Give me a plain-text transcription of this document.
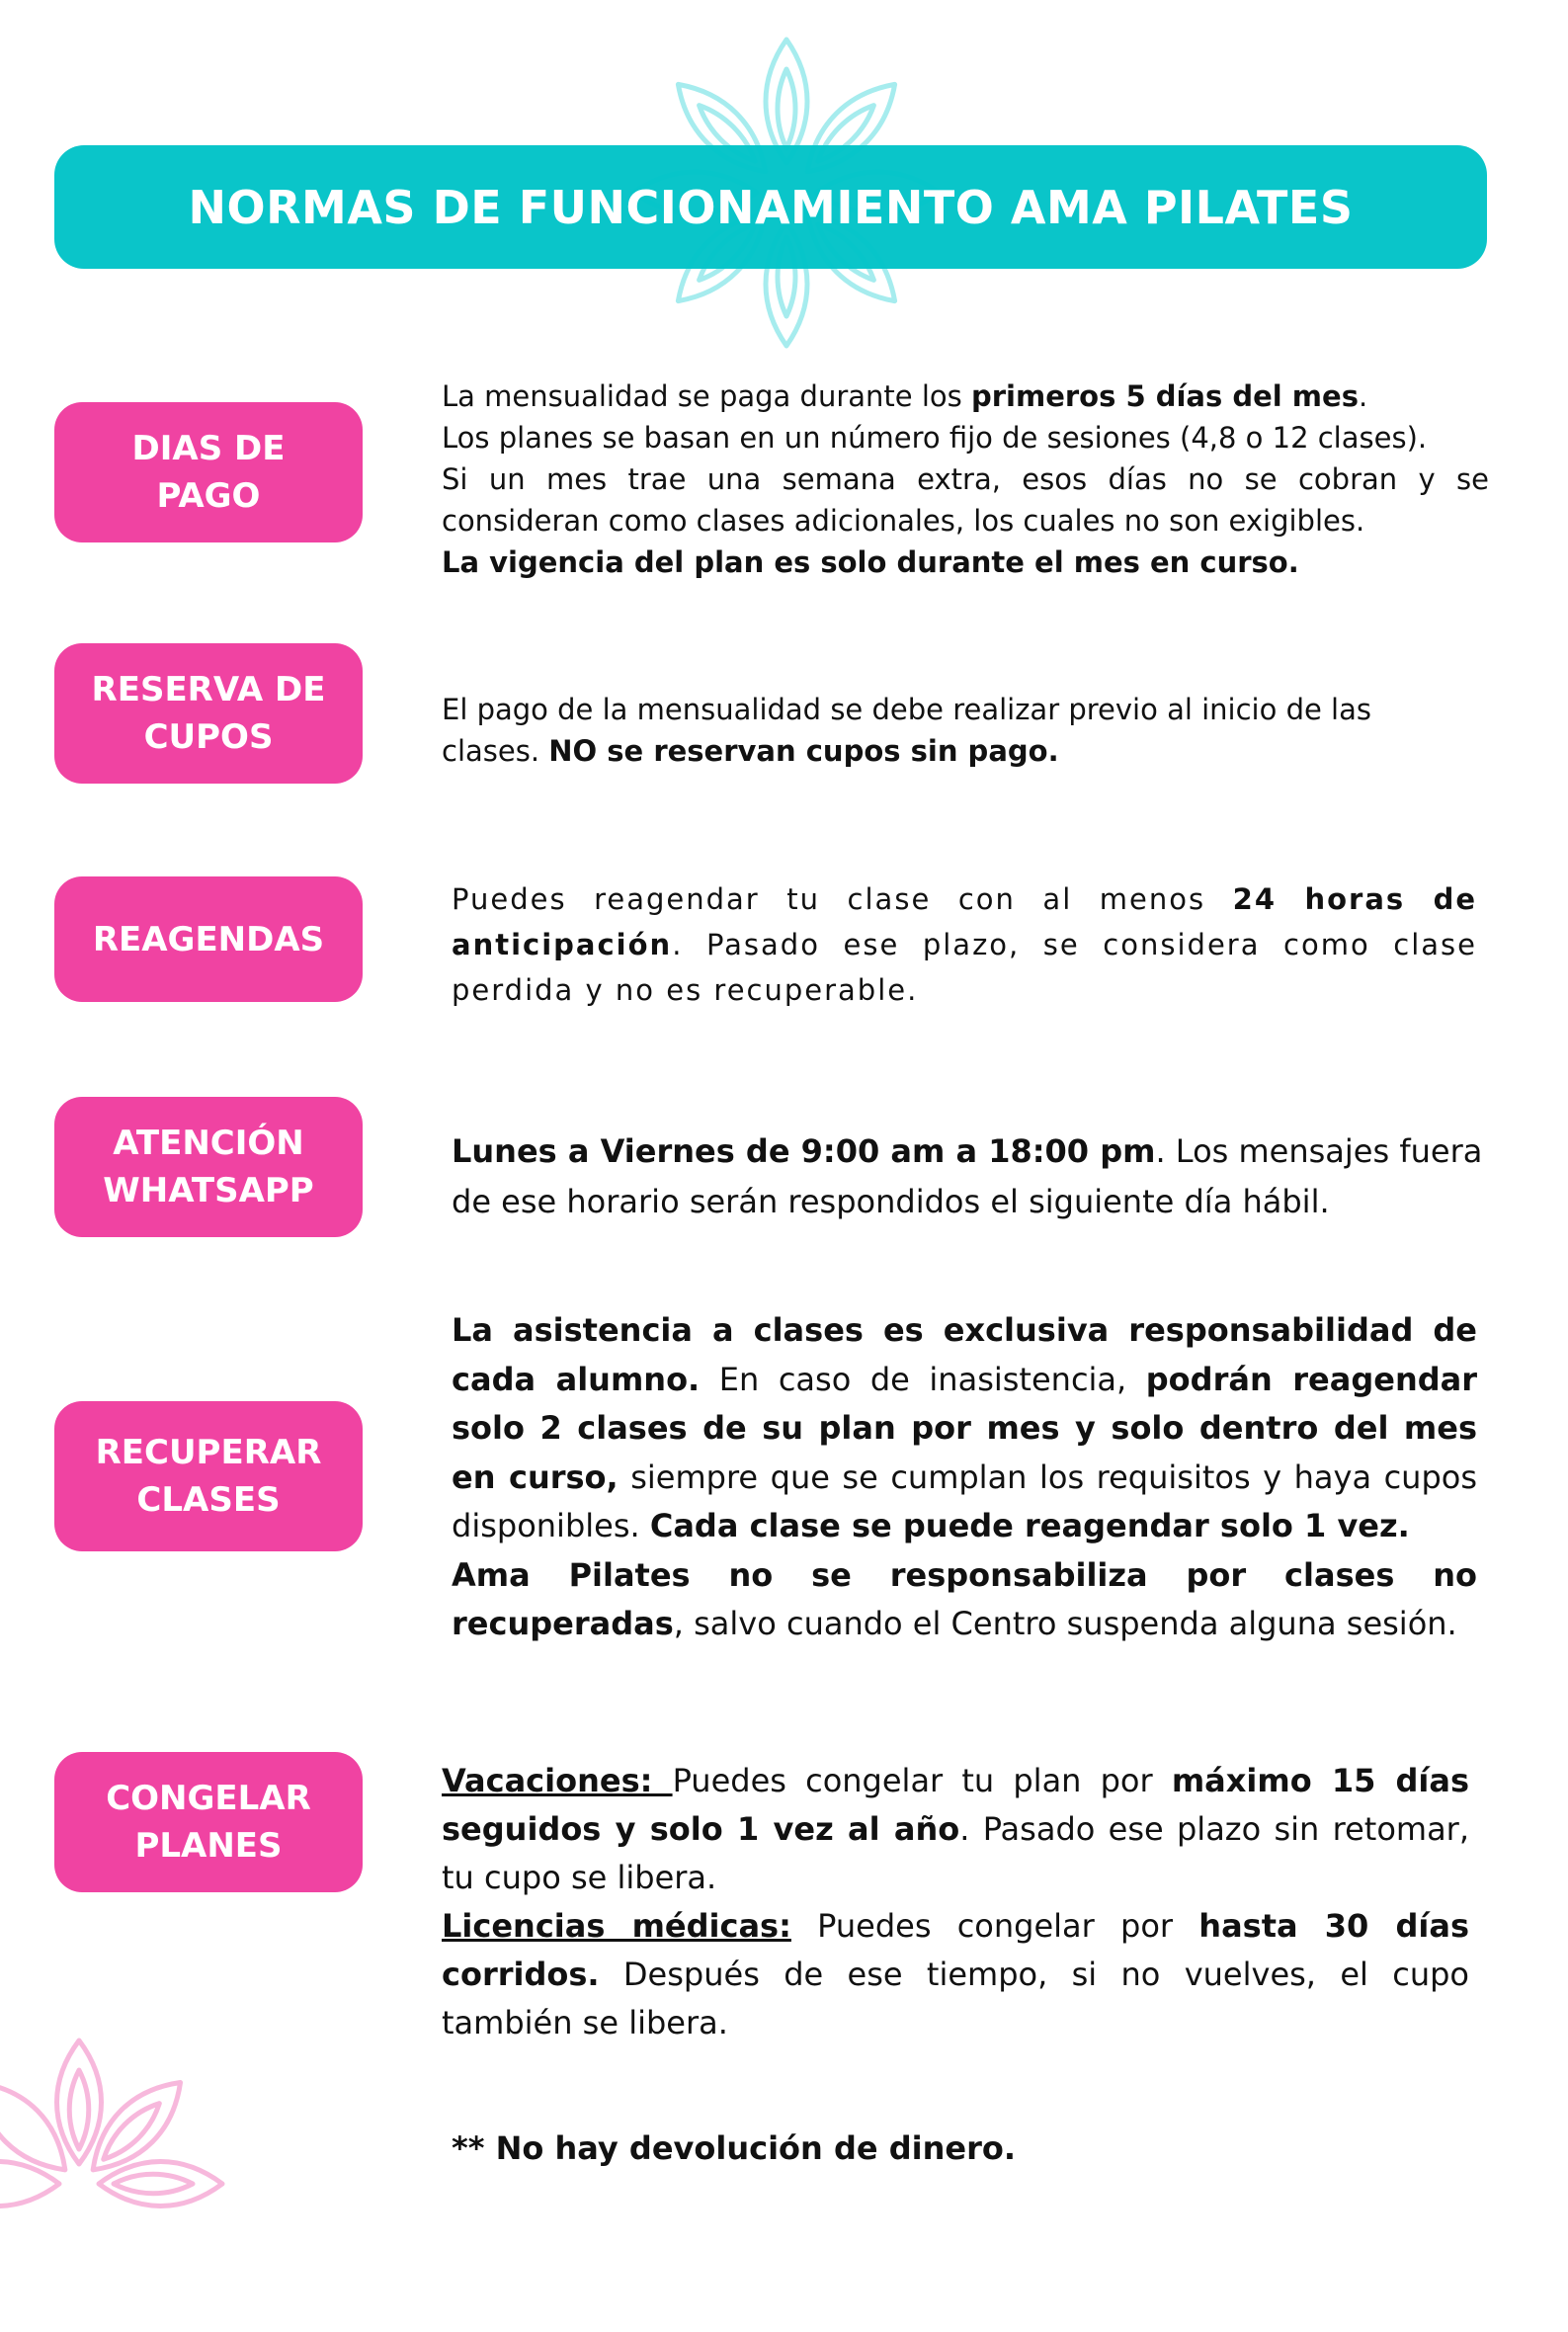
NORMAS DE FUNCIONAMIENTO AMA PILATES
DIAS DE
PAGO

La mensualidad se paga durante los primeros 5 días del mes.

Los planes se basan en un número fijo de sesiones (4,8 o 12 clases).

Si un mes trae una semana extra, esos días no se cobran y se consideran como clases adicionales, los cuales no son exigibles.

La vigencia del plan es solo durante el mes en curso.

RESERVA DE
CUPOS

El pago de la mensualidad se debe realizar previo al inicio de las clases. NO se reservan cupos sin pago.

REAGENDAS

Puedes reagendar tu clase con al menos 24 horas de anticipación. Pasado ese plazo, se considera como clase perdida y no es recuperable.

ATENCIÓN
WHATSAPP

Lunes a Viernes de 9:00 am a 18:00 pm. Los mensajes fuera de ese horario serán respondidos el siguiente día hábil.

RECUPERAR
CLASES

La asistencia a clases es exclusiva responsabilidad de cada alumno. En caso de inasistencia, podrán reagendar solo 2 clases de su plan por mes y solo dentro del mes en curso, siempre que se cumplan los requisitos y haya cupos disponibles. Cada clase se puede reagendar solo 1 vez.

Ama Pilates no se responsabiliza por clases no recuperadas, salvo cuando el Centro suspenda alguna sesión.

CONGELAR
PLANES

Vacaciones: Puedes congelar tu plan por máximo 15 días seguidos y solo 1 vez al año. Pasado ese plazo sin retomar, tu cupo se libera.

Licencias médicas: Puedes congelar por hasta 30 días corridos. Después de ese tiempo, si no vuelves, el cupo también se libera.

** No hay devolución de dinero.
